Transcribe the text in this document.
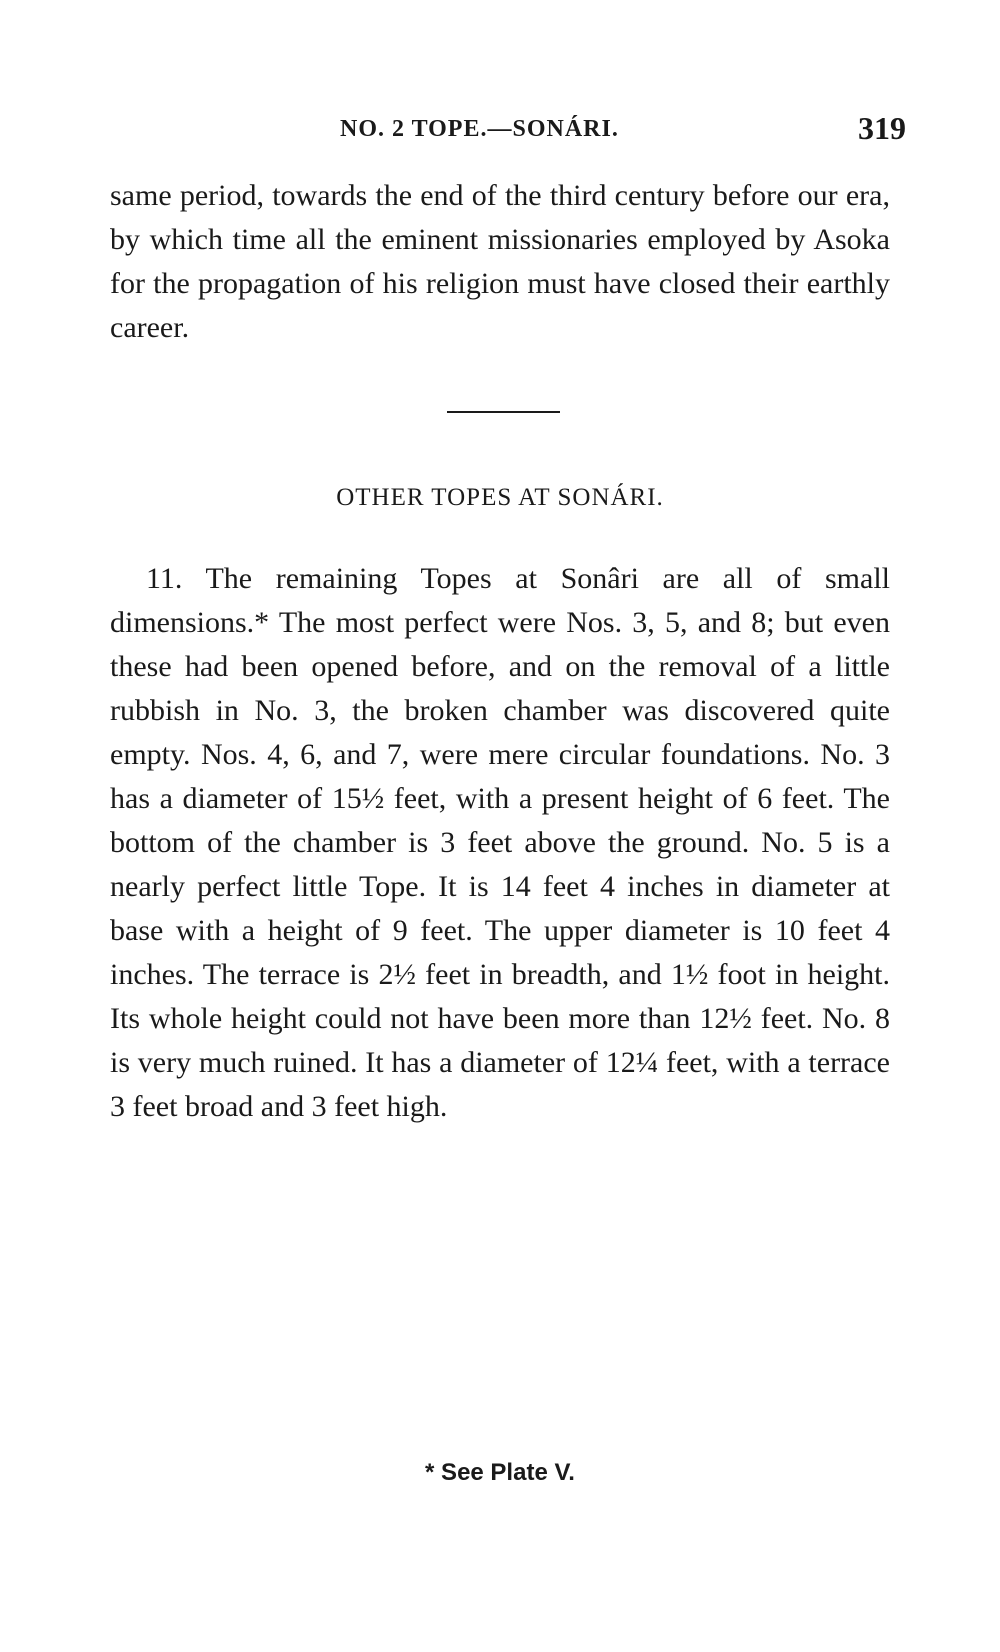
NO. 2 TOPE.—SONÁRI.	319

same period, towards the end of the third century before our era, by which time all the eminent missionaries employed by Asoka for the propagation of his religion must have closed their earthly career.

OTHER TOPES AT SONÁRI.

11. The remaining Topes at Sonâri are all of small dimensions.* The most perfect were Nos. 3, 5, and 8; but even these had been opened before, and on the removal of a little rubbish in No. 3, the broken chamber was discovered quite empty. Nos. 4, 6, and 7, were mere circular foundations. No. 3 has a diameter of 15½ feet, with a present height of 6 feet. The bottom of the chamber is 3 feet above the ground. No. 5 is a nearly perfect little Tope. It is 14 feet 4 inches in diameter at base with a height of 9 feet. The upper diameter is 10 feet 4 inches. The terrace is 2½ feet in breadth, and 1½ foot in height. Its whole height could not have been more than 12½ feet. No. 8 is very much ruined. It has a diameter of 12¼ feet, with a terrace 3 feet broad and 3 feet high.

* See Plate V.
